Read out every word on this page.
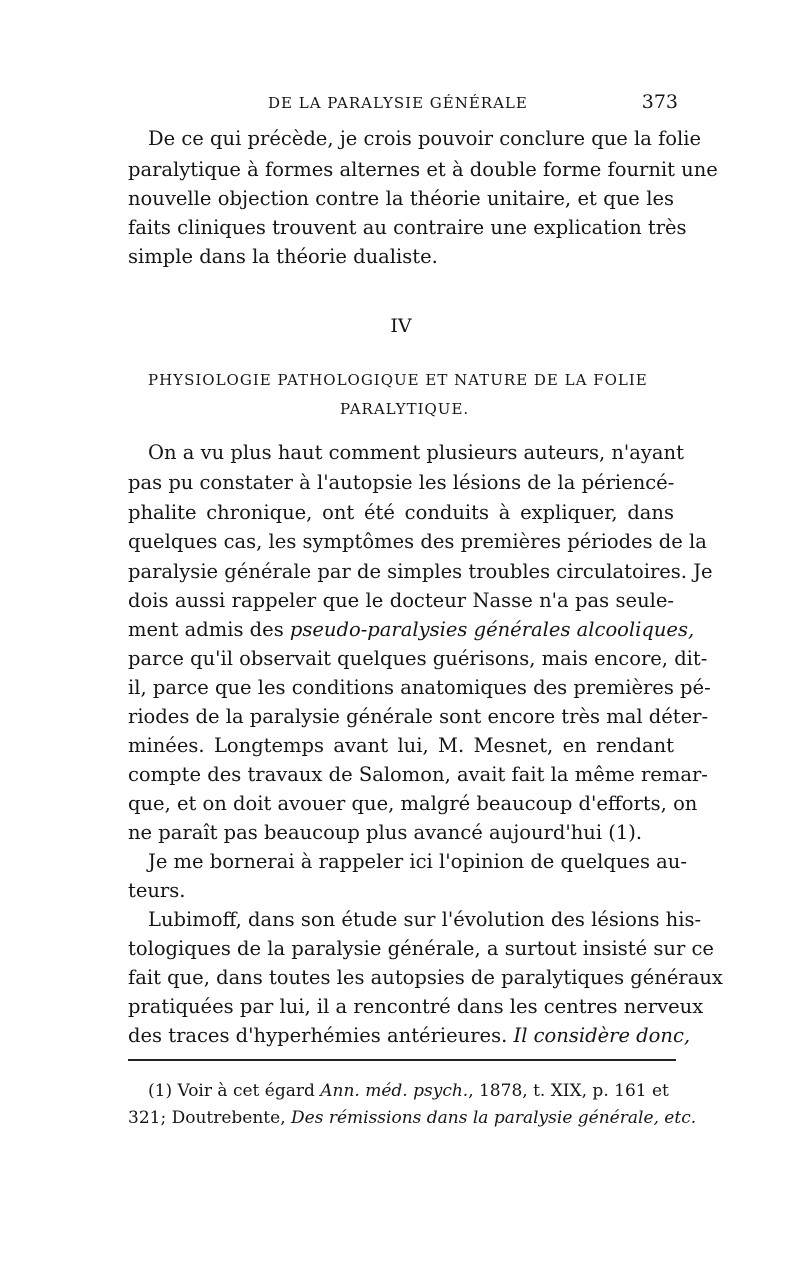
DE LA PARALYSIE GÉNÉRALE	373
De ce qui précède, je crois pouvoir conclure que la folie
paralytique à formes alternes et à double forme fournit une
nouvelle objection contre la théorie unitaire, et que les
faits cliniques trouvent au contraire une explication très
simple dans la théorie dualiste.
IV
PHYSIOLOGIE PATHOLOGIQUE ET NATURE DE LA FOLIE
PARALYTIQUE.
On a vu plus haut comment plusieurs auteurs, n'ayant
pas pu constater à l'autopsie les lésions de la périencé-
phalite chronique, ont été conduits à expliquer, dans
quelques cas, les symptômes des premières périodes de la
paralysie générale par de simples troubles circulatoires. Je
dois aussi rappeler que le docteur Nasse n'a pas seule-
ment admis des pseudo-paralysies générales alcooliques,
parce qu'il observait quelques guérisons, mais encore, dit-
il, parce que les conditions anatomiques des premières pé-
riodes de la paralysie générale sont encore très mal déter-
minées. Longtemps avant lui, M. Mesnet, en rendant
compte des travaux de Salomon, avait fait la même remar-
que, et on doit avouer que, malgré beaucoup d'efforts, on
ne paraît pas beaucoup plus avancé aujourd'hui (1).
Je me bornerai à rappeler ici l'opinion de quelques au-
teurs.
Lubimoff, dans son étude sur l'évolution des lésions his-
tologiques de la paralysie générale, a surtout insisté sur ce
fait que, dans toutes les autopsies de paralytiques généraux
pratiquées par lui, il a rencontré dans les centres nerveux
des traces d'hyperhémies antérieures. Il considère donc,
(1) Voir à cet égard Ann. méd. psych., 1878, t. XIX, p. 161 et
321; Doutrebente, Des rémissions dans la paralysie générale, etc.
